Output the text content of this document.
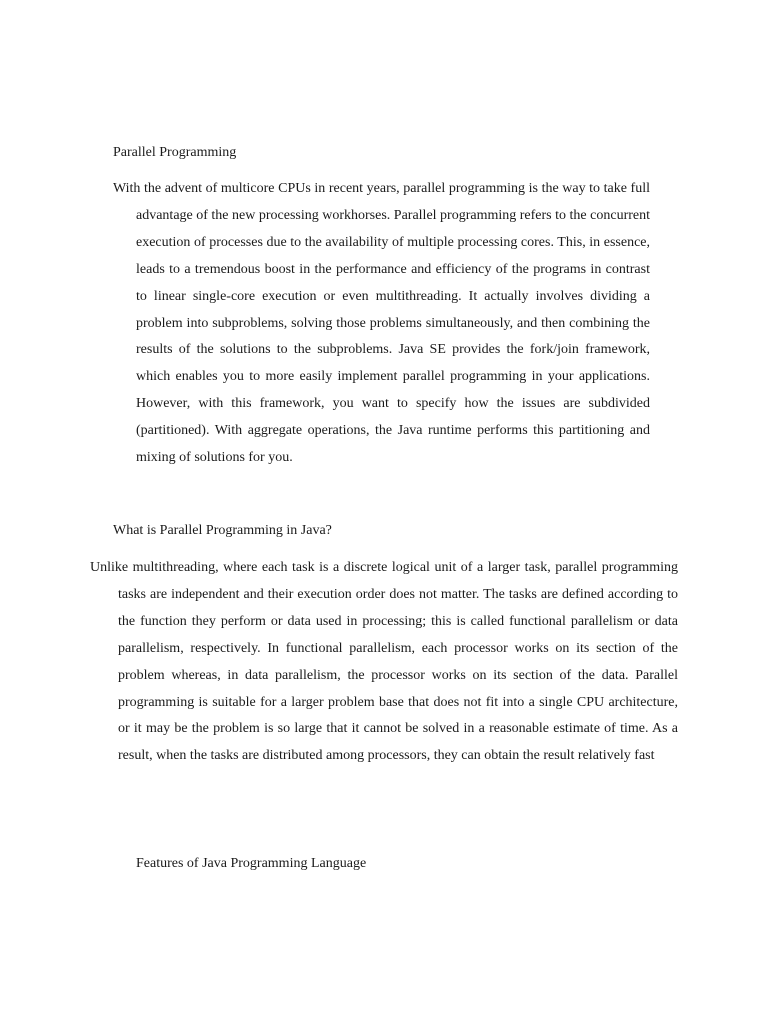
Parallel Programming

With the advent of multicore CPUs in recent years, parallel programming is the way to take full advantage of the new processing workhorses. Parallel programming refers to the concurrent execution of processes due to the availability of multiple processing cores. This, in essence, leads to a tremendous boost in the performance and efficiency of the programs in contrast to linear single-core execution or even multithreading. It actually involves dividing a problem into subproblems, solving those problems simultaneously, and then combining the results of the solutions to the subproblems. Java SE provides the fork/join framework, which enables you to more easily implement parallel programming in your applications. However, with this framework, you want to specify how the issues are subdivided (partitioned). With aggregate operations, the Java runtime performs this partitioning and mixing of solutions for you.

What is Parallel Programming in Java?

Unlike multithreading, where each task is a discrete logical unit of a larger task, parallel programming tasks are independent and their execution order does not matter. The tasks are defined according to the function they perform or data used in processing; this is called functional parallelism or data parallelism, respectively. In functional parallelism, each processor works on its section of the problem whereas, in data parallelism, the processor works on its section of the data. Parallel programming is suitable for a larger problem base that does not fit into a single CPU architecture, or it may be the problem is so large that it cannot be solved in a reasonable estimate of time. As a result, when the tasks are distributed among processors, they can obtain the result relatively fast

Features of Java Programming Language
